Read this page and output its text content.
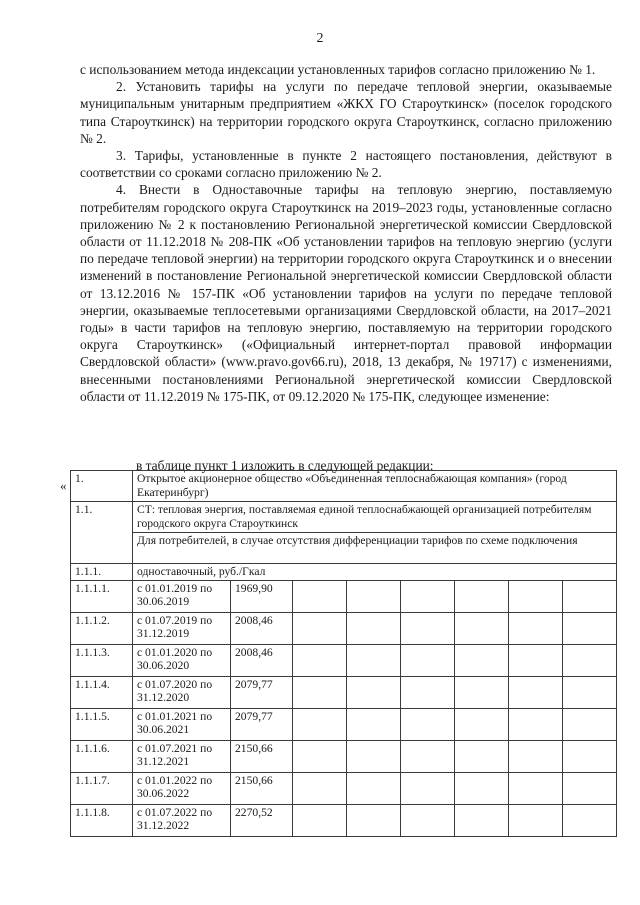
2

с использованием метода индексации установленных тарифов согласно приложению № 1.

2. Установить тарифы на услуги по передаче тепловой энергии, оказываемые муниципальным унитарным предприятием «ЖКХ ГО Староуткинск» (поселок городского типа Староуткинск) на территории городского округа Староуткинск, согласно приложению № 2.

3. Тарифы, установленные в пункте 2 настоящего постановления, действуют в соответствии со сроками согласно приложению № 2.

4. Внести в Одноставочные тарифы на тепловую энергию, поставляемую потребителям городского округа Староуткинск на 2019–2023 годы, установленные согласно приложению № 2 к постановлению Региональной энергетической комиссии Свердловской области от 11.12.2018 № 208-ПК «Об установлении тарифов на тепловую энергию (услуги по передаче тепловой энергии) на территории городского округа Староуткинск и о внесении изменений в постановление Региональной энергетической комиссии Свердловской области от 13.12.2016 № 157-ПК «Об установлении тарифов на услуги по передаче тепловой энергии, оказываемые теплосетевыми организациями Свердловской области, на 2017–2021 годы» в части тарифов на тепловую энергию, поставляемую на территории городского округа Староуткинск» («Официальный интернет-портал правовой информации Свердловской области» (www.pravo.gov66.ru), 2018, 13 декабря, № 19717) с изменениями, внесенными постановлениями Региональной энергетической комиссии Свердловской области от 11.12.2019 № 175-ПК, от 09.12.2020 № 175-ПК, следующее изменение:

в таблице пункт 1 изложить в следующей редакции:
« 1.	Открытое акционерное общество «Объединенная теплоснабжающая компания» (город Екатеринбург)							
1.1.	СТ: тепловая энергия, поставляемая единой теплоснабжающей организацией потребителям городского округа Староуткинск							
	Для потребителей, в случае отсутствия дифференциации тарифов по схеме подключения							
1.1.1.	одноставочный, руб./Гкал							
1.1.1.1.	с 01.01.2019 по 30.06.2019	1969,90						
1.1.1.2.	с 01.07.2019 по 31.12.2019	2008,46						
1.1.1.3.	с 01.01.2020 по 30.06.2020	2008,46						
1.1.1.4.	с 01.07.2020 по 31.12.2020	2079,77						
1.1.1.5.	с 01.01.2021 по 30.06.2021	2079,77						
1.1.1.6.	с 01.07.2021 по 31.12.2021	2150,66						
1.1.1.7.	с 01.01.2022 по 30.06.2022	2150,66						
1.1.1.8.	с 01.07.2022 по 31.12.2022	2270,52						
